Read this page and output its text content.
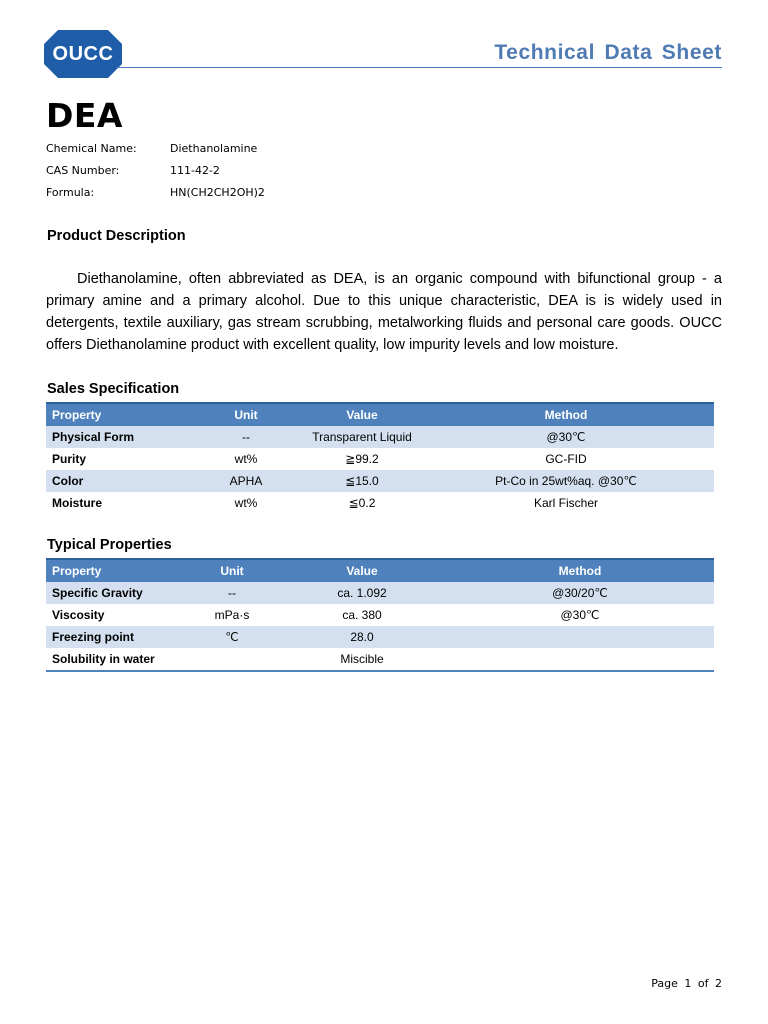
OUCC	Technical Data Sheet
DEA
Chemical Name:	Diethanolamine
CAS Number:	111-42-2
Formula:	HN(CH2CH2OH)2
Product Description
Diethanolamine, often abbreviated as DEA, is an organic compound with bifunctional group - a primary amine and a primary alcohol. Due to this unique characteristic, DEA is is widely used in detergents, textile auxiliary, gas stream scrubbing, metalworking fluids and personal care goods. OUCC offers Diethanolamine product with excellent quality, low impurity levels and low moisture.
Sales Specification
Property	Unit	Value	Method
Physical Form	--	Transparent Liquid	@30℃
Purity	wt%	≧99.2	GC-FID
Color	APHA	≦15.0	Pt-Co in 25wt%aq. @30℃
Moisture	wt%	≦0.2	Karl Fischer
Typical Properties
Property	Unit	Value	Method
Specific Gravity	--	ca. 1.092	@30/20℃
Viscosity	mPa·s	ca. 380	@30℃
Freezing point	℃	28.0	
Solubility in water		Miscible	
Page 1 of 2
